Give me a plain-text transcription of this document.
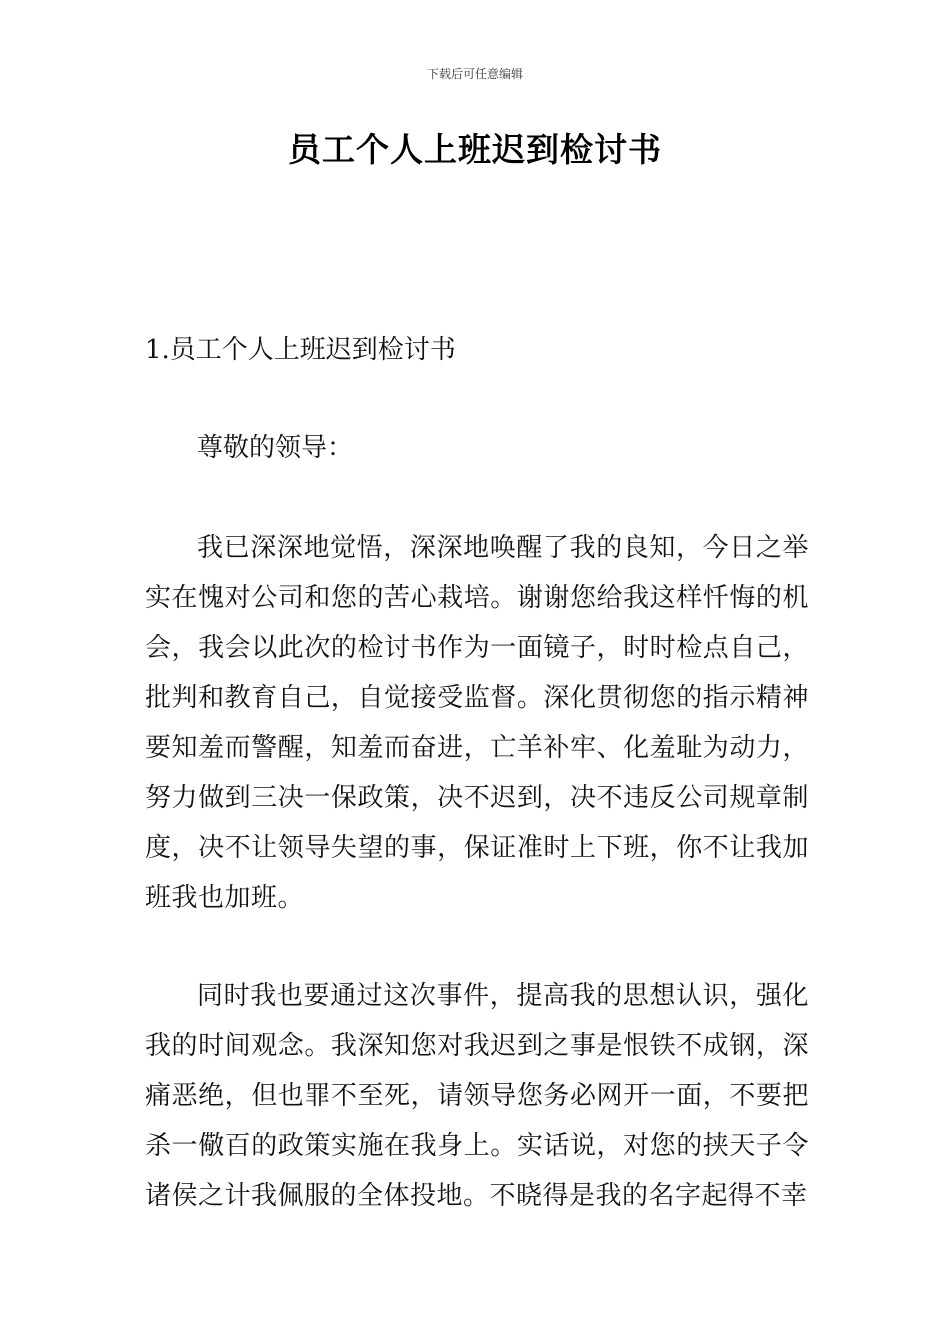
下载后可任意编辑
员工个人上班迟到检讨书
1.员工个人上班迟到检讨书
尊敬的领导：

我已深深地觉悟，深深地唤醒了我的良知，今日之举实在愧对公司和您的苦心栽培。谢谢您给我这样忏悔的机会，我会以此次的检讨书作为一面镜子，时时检点自己，批判和教育自己，自觉接受监督。深化贯彻您的指示精神要知羞而警醒，知羞而奋进，亡羊补牢、化羞耻为动力，努力做到三决一保政策，决不迟到，决不违反公司规章制度，决不让领导失望的事，保证准时上下班，你不让我加班我也加班。

同时我也要通过这次事件，提高我的思想认识，强化我的时间观念。我深知您对我迟到之事是恨铁不成钢，深痛恶绝，但也罪不至死，请领导您务必网开一面，不要把杀一儆百的政策实施在我身上。实话说，对您的挟天子令诸侯之计我佩服的全体投地。不晓得是我的名字起得不幸
